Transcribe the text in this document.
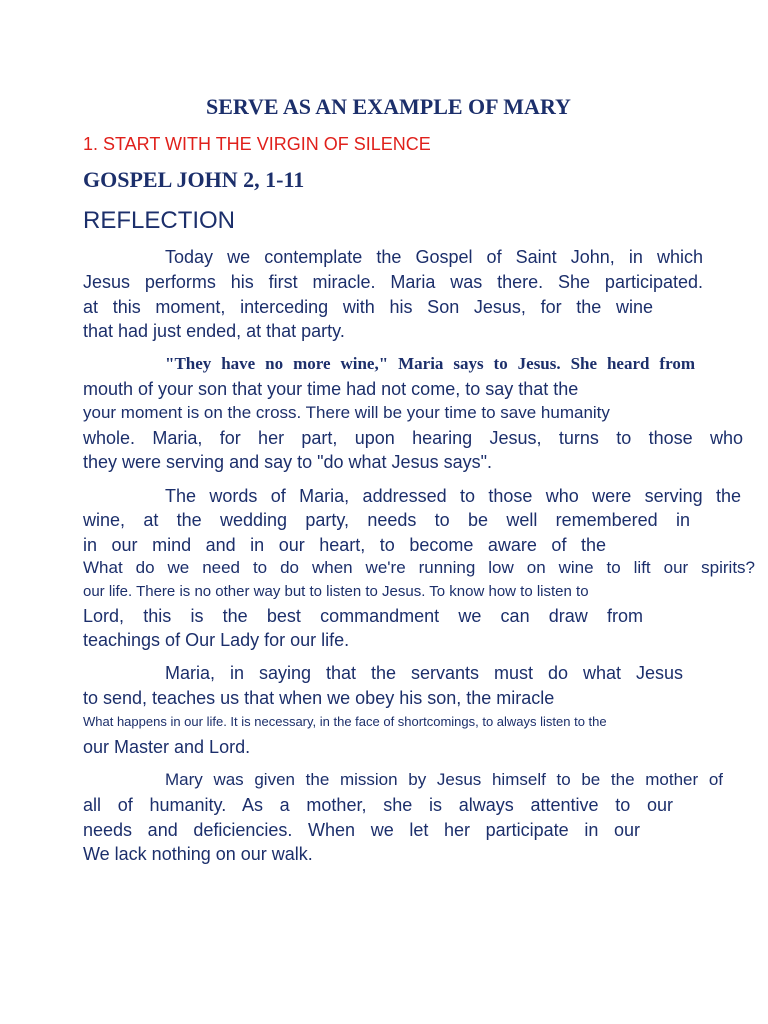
SERVE AS AN EXAMPLE OF MARY
1. START WITH THE VIRGIN OF SILENCE
GOSPEL JOHN 2, 1-11
REFLECTION
Today we contemplate the Gospel of Saint John, in which
Jesus performs his first miracle. Maria was there. She participated.
at this moment, interceding with his Son Jesus, for the wine
that had just ended, at that party.
"They have no more wine," Maria says to Jesus. She heard from
mouth of your son that your time had not come, to say that the
your moment is on the cross. There will be your time to save humanity
whole. Maria, for her part, upon hearing Jesus, turns to those who
they were serving and say to "do what Jesus says".
The words of Maria, addressed to those who were serving the
wine, at the wedding party, needs to be well remembered in
in our mind and in our heart, to become aware of the
What do we need to do when we're running low on wine to lift our spirits?
our life. There is no other way but to listen to Jesus. To know how to listen to
Lord, this is the best commandment we can draw from
teachings of Our Lady for our life.
Maria, in saying that the servants must do what Jesus
to send, teaches us that when we obey his son, the miracle
What happens in our life. It is necessary, in the face of shortcomings, to always listen to the
our Master and Lord.
Mary was given the mission by Jesus himself to be the mother of
all of humanity. As a mother, she is always attentive to our
needs and deficiencies. When we let her participate in our
We lack nothing on our walk.
